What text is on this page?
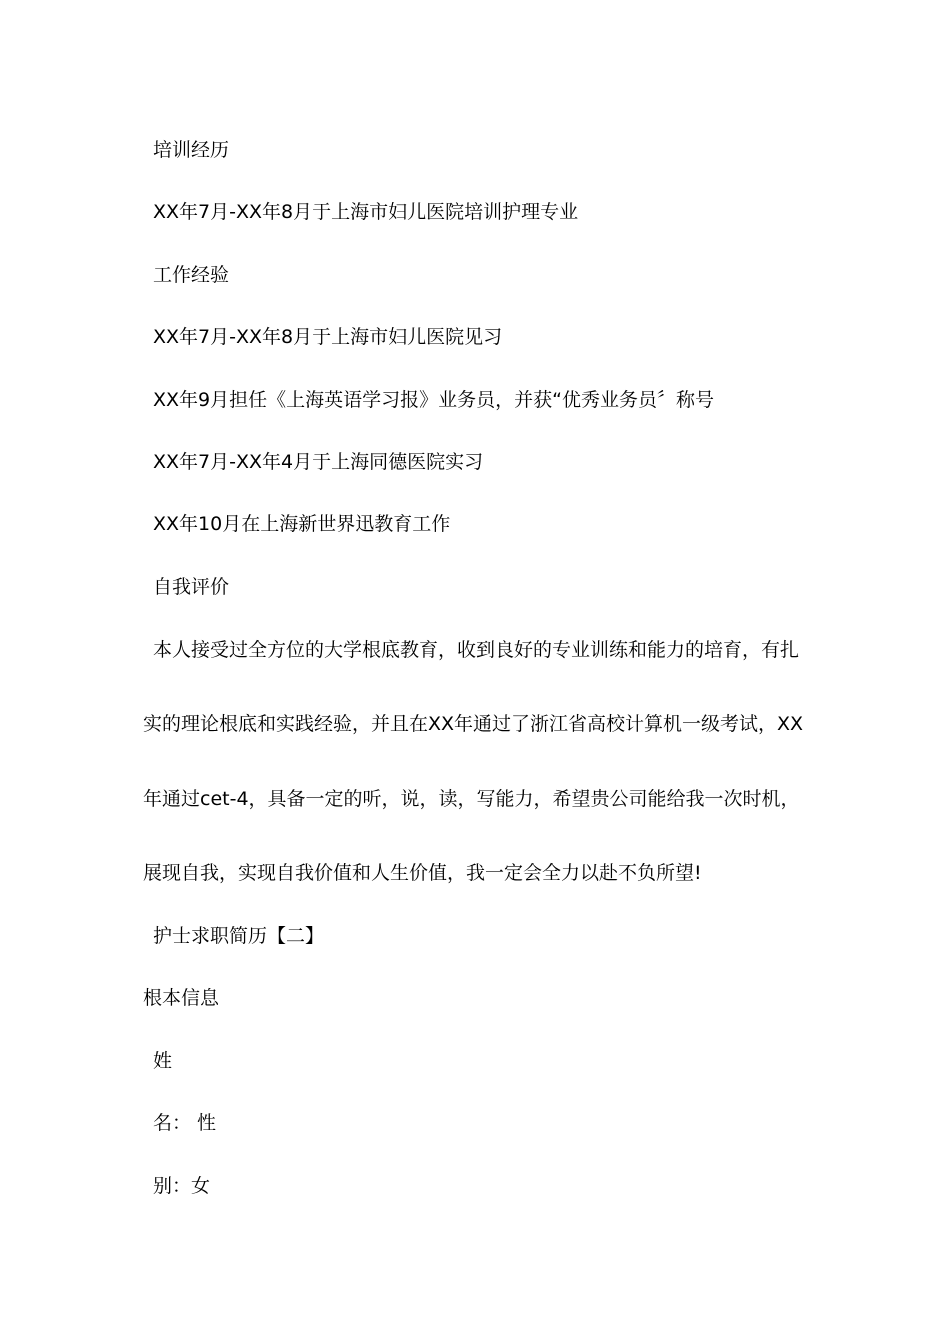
培训经历
XX年7月-XX年8月于上海市妇儿医院培训护理专业
工作经验
XX年7月-XX年8月于上海市妇儿医院见习
XX年9月担任《上海英语学习报》业务员，并获“优秀业务员〞称号
XX年7月-XX年4月于上海同德医院实习
XX年10月在上海新世界迅教育工作
自我评价
本人接受过全方位的大学根底教育，收到良好的专业训练和能力的培育，有扎
实的理论根底和实践经验，并且在XX年通过了浙江省高校计算机一级考试，XX
年通过cet-4，具备一定的听，说，读，写能力，希望贵公司能给我一次时机，
展现自我，实现自我价值和人生价值，我一定会全力以赴不负所望!
护士求职简历【二】
根本信息
姓
名： 性
别：女
